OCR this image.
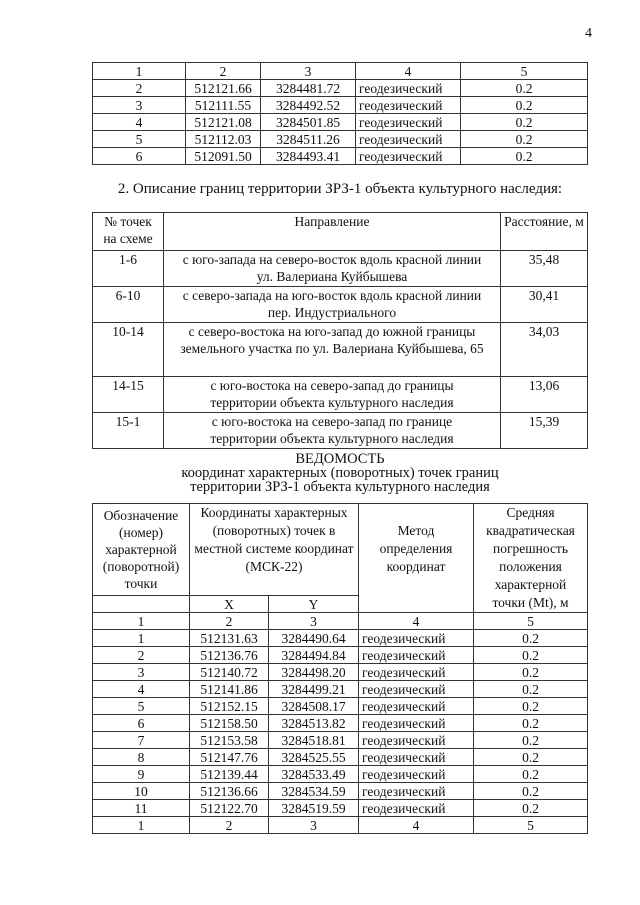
4
1	2	3	4	5
2	512121.66	3284481.72	геодезический	0.2
3	512111.55	3284492.52	геодезический	0.2
4	512121.08	3284501.85	геодезический	0.2
5	512112.03	3284511.26	геодезический	0.2
6	512091.50	3284493.41	геодезический	0.2
2. Описание границ территории ЗРЗ-1 объекта культурного наследия:
№ точек на схеме	Направление	Расстояние, м
1-6	с юго-запада на северо-восток вдоль красной линии ул. Валериана Куйбышева	35,48
6-10	с северо-запада на юго-восток вдоль красной линии пер. Индустриального	30,41
10-14	с северо-востока на юго-запад до южной границы земельного участка по ул. Валериана Куйбышева, 65	34,03
14-15	с юго-востока на северо-запад до границы территории объекта культурного наследия	13,06
15-1	с юго-востока на северо-запад по границе территории объекта культурного наследия	15,39
ВЕДОМОСТЬ
координат характерных (поворотных) точек границ
территории ЗРЗ-1 объекта культурного наследия
Обозначение (номер) характерной (поворотной) точки	Координаты характерных (поворотных) точек в местной системе координат (МСК-22)		Метод определения координат	Средняя квадратическая погрешность положения характерной точки (Mt), м
	X	Y		
1	2	3	4	5
1	512131.63	3284490.64	геодезический	0.2
2	512136.76	3284494.84	геодезический	0.2
3	512140.72	3284498.20	геодезический	0.2
4	512141.86	3284499.21	геодезический	0.2
5	512152.15	3284508.17	геодезический	0.2
6	512158.50	3284513.82	геодезический	0.2
7	512153.58	3284518.81	геодезический	0.2
8	512147.76	3284525.55	геодезический	0.2
9	512139.44	3284533.49	геодезический	0.2
10	512136.66	3284534.59	геодезический	0.2
11	512122.70	3284519.59	геодезический	0.2
1	2	3	4	5
